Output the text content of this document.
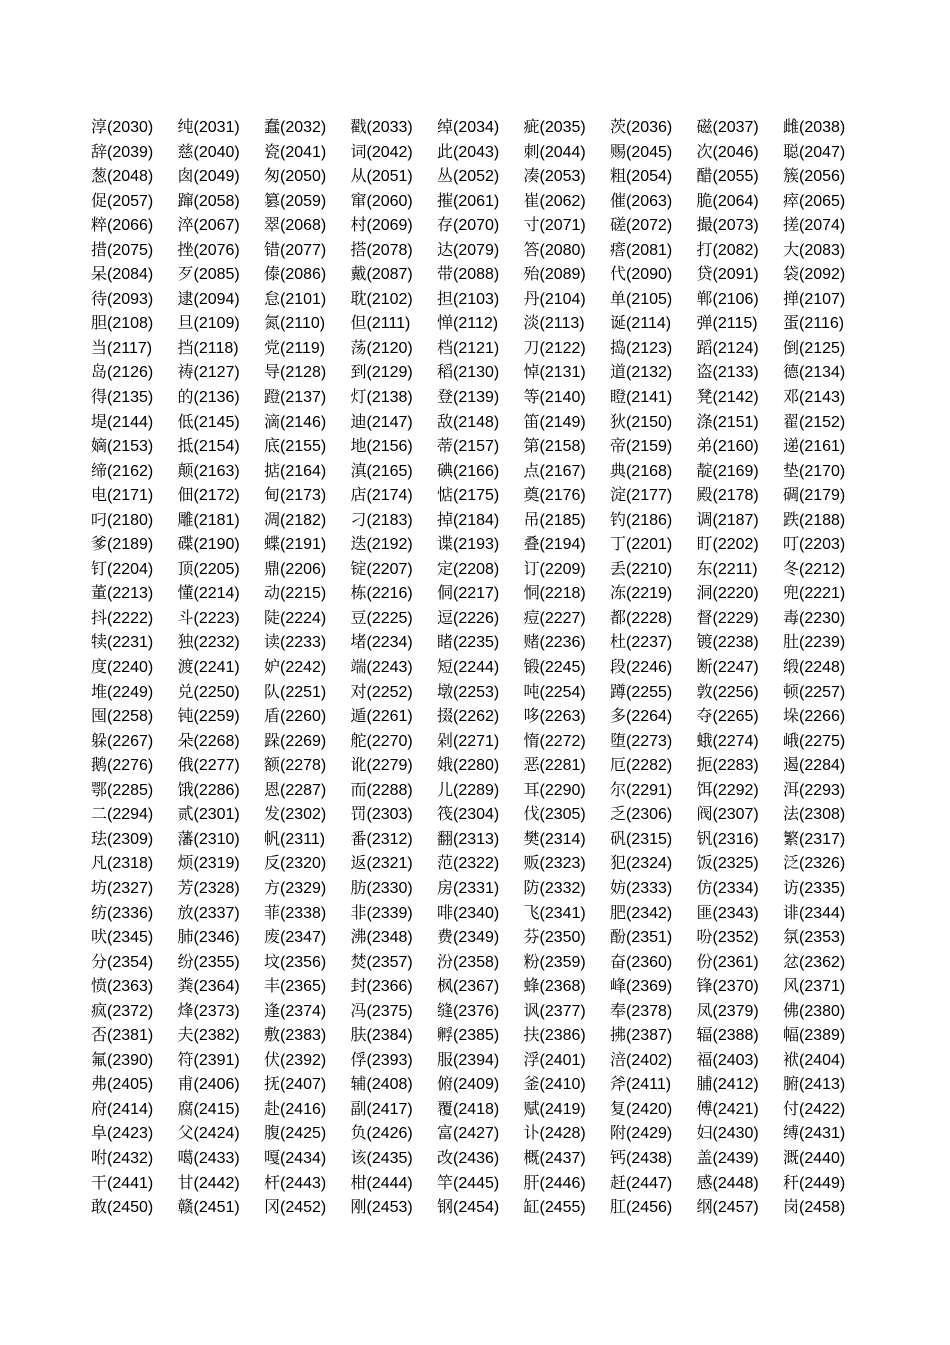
淳(2030)	纯(2031)	蠢(2032)	戳(2033)	绰(2034)	疵(2035)	茨(2036)	磁(2037)	雌(2038)
辞(2039)	慈(2040)	瓷(2041)	词(2042)	此(2043)	刺(2044)	赐(2045)	次(2046)	聪(2047)
葱(2048)	囱(2049)	匆(2050)	从(2051)	丛(2052)	凑(2053)	粗(2054)	醋(2055)	簇(2056)
促(2057)	蹿(2058)	篡(2059)	窜(2060)	摧(2061)	崔(2062)	催(2063)	脆(2064)	瘁(2065)
粹(2066)	淬(2067)	翠(2068)	村(2069)	存(2070)	寸(2071)	磋(2072)	撮(2073)	搓(2074)
措(2075)	挫(2076)	错(2077)	搭(2078)	达(2079)	答(2080)	瘩(2081)	打(2082)	大(2083)
呆(2084)	歹(2085)	傣(2086)	戴(2087)	带(2088)	殆(2089)	代(2090)	贷(2091)	袋(2092)
待(2093)	逮(2094)	怠(2101)	耽(2102)	担(2103)	丹(2104)	单(2105)	郸(2106)	掸(2107)
胆(2108)	旦(2109)	氮(2110)	但(2111)	惮(2112)	淡(2113)	诞(2114)	弹(2115)	蛋(2116)
当(2117)	挡(2118)	党(2119)	荡(2120)	档(2121)	刀(2122)	捣(2123)	蹈(2124)	倒(2125)
岛(2126)	祷(2127)	导(2128)	到(2129)	稻(2130)	悼(2131)	道(2132)	盗(2133)	德(2134)
得(2135)	的(2136)	蹬(2137)	灯(2138)	登(2139)	等(2140)	瞪(2141)	凳(2142)	邓(2143)
堤(2144)	低(2145)	滴(2146)	迪(2147)	敌(2148)	笛(2149)	狄(2150)	涤(2151)	翟(2152)
嫡(2153)	抵(2154)	底(2155)	地(2156)	蒂(2157)	第(2158)	帝(2159)	弟(2160)	递(2161)
缔(2162)	颠(2163)	掂(2164)	滇(2165)	碘(2166)	点(2167)	典(2168)	靛(2169)	垫(2170)
电(2171)	佃(2172)	甸(2173)	店(2174)	惦(2175)	奠(2176)	淀(2177)	殿(2178)	碉(2179)
叼(2180)	雕(2181)	凋(2182)	刁(2183)	掉(2184)	吊(2185)	钓(2186)	调(2187)	跌(2188)
爹(2189)	碟(2190)	蝶(2191)	迭(2192)	谍(2193)	叠(2194)	丁(2201)	盯(2202)	叮(2203)
钉(2204)	顶(2205)	鼎(2206)	锭(2207)	定(2208)	订(2209)	丢(2210)	东(2211)	冬(2212)
董(2213)	懂(2214)	动(2215)	栋(2216)	侗(2217)	恫(2218)	冻(2219)	洞(2220)	兜(2221)
抖(2222)	斗(2223)	陡(2224)	豆(2225)	逗(2226)	痘(2227)	都(2228)	督(2229)	毒(2230)
犊(2231)	独(2232)	读(2233)	堵(2234)	睹(2235)	赌(2236)	杜(2237)	镀(2238)	肚(2239)
度(2240)	渡(2241)	妒(2242)	端(2243)	短(2244)	锻(2245)	段(2246)	断(2247)	缎(2248)
堆(2249)	兑(2250)	队(2251)	对(2252)	墩(2253)	吨(2254)	蹲(2255)	敦(2256)	顿(2257)
囤(2258)	钝(2259)	盾(2260)	遁(2261)	掇(2262)	哆(2263)	多(2264)	夺(2265)	垛(2266)
躲(2267)	朵(2268)	跺(2269)	舵(2270)	剁(2271)	惰(2272)	堕(2273)	蛾(2274)	峨(2275)
鹅(2276)	俄(2277)	额(2278)	讹(2279)	娥(2280)	恶(2281)	厄(2282)	扼(2283)	遏(2284)
鄂(2285)	饿(2286)	恩(2287)	而(2288)	儿(2289)	耳(2290)	尔(2291)	饵(2292)	洱(2293)
二(2294)	贰(2301)	发(2302)	罚(2303)	筏(2304)	伐(2305)	乏(2306)	阀(2307)	法(2308)
珐(2309)	藩(2310)	帆(2311)	番(2312)	翻(2313)	樊(2314)	矾(2315)	钒(2316)	繁(2317)
凡(2318)	烦(2319)	反(2320)	返(2321)	范(2322)	贩(2323)	犯(2324)	饭(2325)	泛(2326)
坊(2327)	芳(2328)	方(2329)	肪(2330)	房(2331)	防(2332)	妨(2333)	仿(2334)	访(2335)
纺(2336)	放(2337)	菲(2338)	非(2339)	啡(2340)	飞(2341)	肥(2342)	匪(2343)	诽(2344)
吠(2345)	肺(2346)	废(2347)	沸(2348)	费(2349)	芬(2350)	酚(2351)	吩(2352)	氛(2353)
分(2354)	纷(2355)	坟(2356)	焚(2357)	汾(2358)	粉(2359)	奋(2360)	份(2361)	忿(2362)
愤(2363)	粪(2364)	丰(2365)	封(2366)	枫(2367)	蜂(2368)	峰(2369)	锋(2370)	风(2371)
疯(2372)	烽(2373)	逢(2374)	冯(2375)	缝(2376)	讽(2377)	奉(2378)	凤(2379)	佛(2380)
否(2381)	夫(2382)	敷(2383)	肤(2384)	孵(2385)	扶(2386)	拂(2387)	辐(2388)	幅(2389)
氟(2390)	符(2391)	伏(2392)	俘(2393)	服(2394)	浮(2401)	涪(2402)	福(2403)	袱(2404)
弗(2405)	甫(2406)	抚(2407)	辅(2408)	俯(2409)	釜(2410)	斧(2411)	脯(2412)	腑(2413)
府(2414)	腐(2415)	赴(2416)	副(2417)	覆(2418)	赋(2419)	复(2420)	傅(2421)	付(2422)
阜(2423)	父(2424)	腹(2425)	负(2426)	富(2427)	讣(2428)	附(2429)	妇(2430)	缚(2431)
咐(2432)	噶(2433)	嘎(2434)	该(2435)	改(2436)	概(2437)	钙(2438)	盖(2439)	溉(2440)
干(2441)	甘(2442)	杆(2443)	柑(2444)	竿(2445)	肝(2446)	赶(2447)	感(2448)	秆(2449)
敢(2450)	赣(2451)	冈(2452)	刚(2453)	钢(2454)	缸(2455)	肛(2456)	纲(2457)	岗(2458)
